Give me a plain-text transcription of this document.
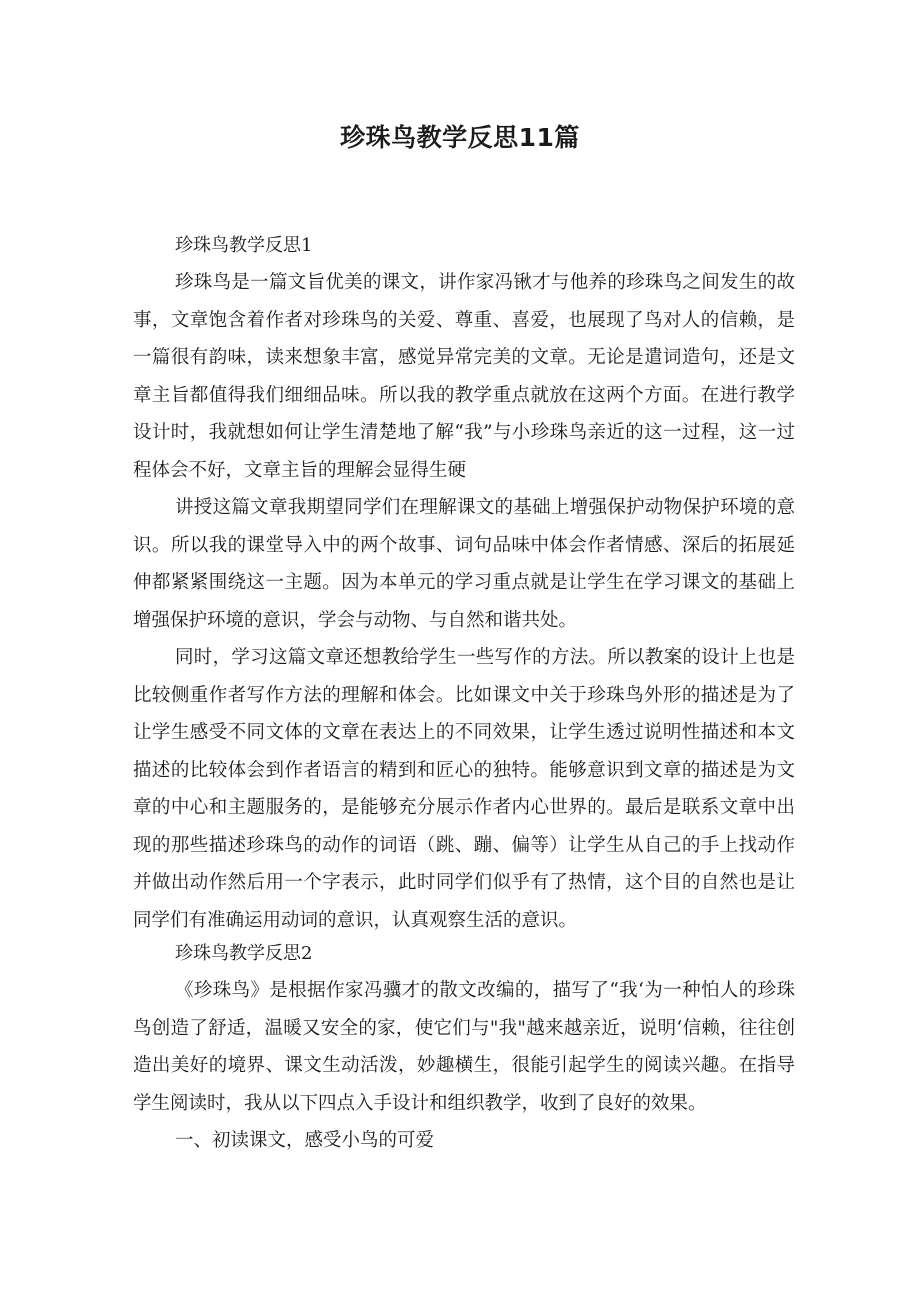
珍珠鸟教学反思11篇
珍珠鸟教学反思1

珍珠鸟是一篇文旨优美的课文，讲作家冯锹才与他养的珍珠鸟之间发生的故事，文章饱含着作者对珍珠鸟的关爱、尊重、喜爱，也展现了鸟对人的信赖，是一篇很有韵味，读来想象丰富，感觉异常完美的文章。无论是遣词造句，还是文章主旨都值得我们细细品味。所以我的教学重点就放在这两个方面。在进行教学设计时，我就想如何让学生清楚地了解“我”与小珍珠鸟亲近的这一过程，这一过程体会不好，文章主旨的理解会显得生硬

讲授这篇文章我期望同学们在理解课文的基础上增强保护动物保护环境的意识。所以我的课堂导入中的两个故事、词句品味中体会作者情感、深后的拓展延伸都紧紧围绕这一主题。因为本单元的学习重点就是让学生在学习课文的基础上增强保护环境的意识，学会与动物、与自然和谐共处。

同时，学习这篇文章还想教给学生一些写作的方法。所以教案的设计上也是比较侧重作者写作方法的理解和体会。比如课文中关于珍珠鸟外形的描述是为了让学生感受不同文体的文章在表达上的不同效果，让学生透过说明性描述和本文描述的比较体会到作者语言的精到和匠心的独特。能够意识到文章的描述是为文章的中心和主题服务的，是能够充分展示作者内心世界的。最后是联系文章中出现的那些描述珍珠鸟的动作的词语（跳、蹦、偏等）让学生从自己的手上找动作并做出动作然后用一个字表示，此时同学们似乎有了热情，这个目的自然也是让同学们有准确运用动词的意识，认真观察生活的意识。

珍珠鸟教学反思2

《珍珠鸟》是根据作家冯骥才的散文改编的，描写了“我‘为一种怕人的珍珠鸟创造了舒适，温暖又安全的家，使它们与"我"越来越亲近，说明‘信赖，往往创造出美好的境界、课文生动活泼，妙趣横生，很能引起学生的阅读兴趣。在指导学生阅读时，我从以下四点入手设计和组织教学，收到了良好的效果。

一、初读课文，感受小鸟的可爱
